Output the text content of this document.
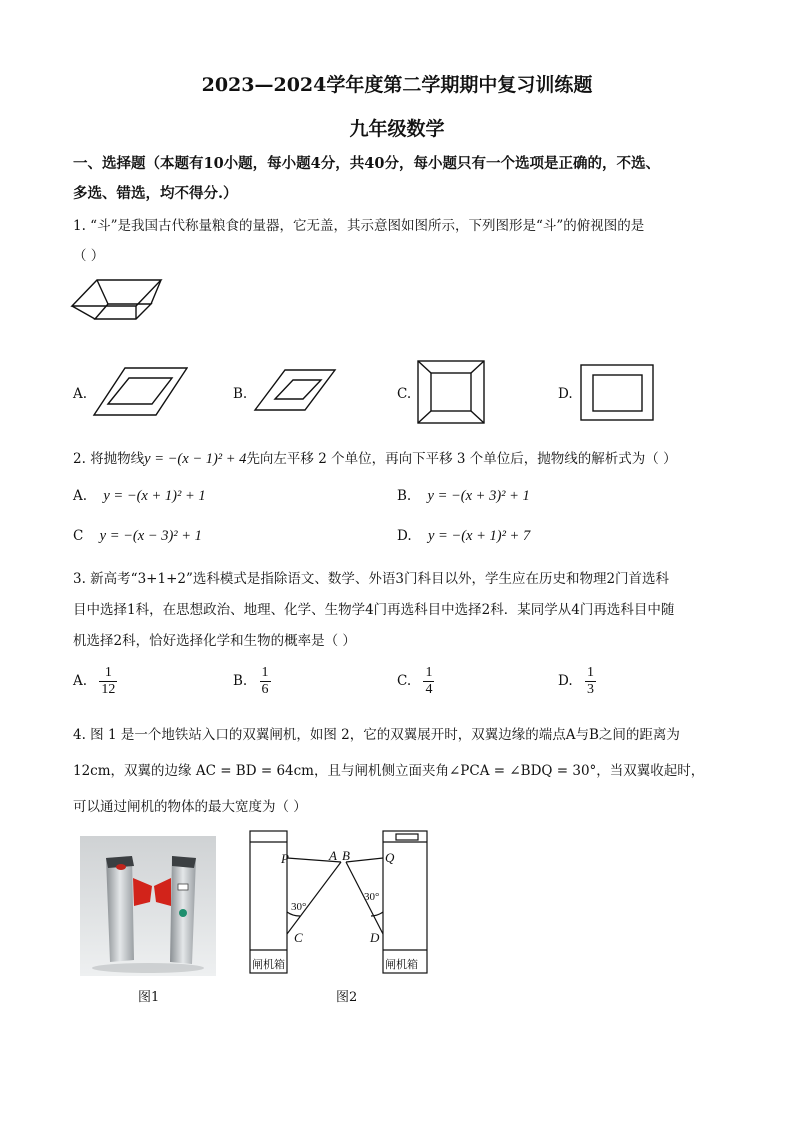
2023—2024学年度第二学期期中复习训练题
九年级数学
一、选择题（本题有10小题，每小题4分，共40分，每小题只有一个选项是正确的，不选、
多选、错选，均不得分.）
1. “斗”是我国古代称量粮食的量器，它无盖，其示意图如图所示，下列图形是“斗”的俯视图的是
（ ）
A.	B.	C.	D.
2. 将抛物线y = −(x − 1)² + 4先向左平移 2 个单位，再向下平移 3 个单位后，抛物线的解析式为（ ）
A. y = −(x + 1)² + 1	B. y = −(x + 3)² + 1
C y = −(x − 3)² + 1	D. y = −(x + 1)² + 7
3. 新高考“3+1+2”选科模式是指除语文、数学、外语3门科目以外，学生应在历史和物理2门首选科
目中选择1科，在思想政治、地理、化学、生物学4门再选科目中选择2科．某同学从4门再选科目中随
机选择2科，恰好选择化学和生物的概率是（ ）
A. $\frac{1}{12}$	B. $\frac{1}{6}$	C. $\frac{1}{4}$	D. $\frac{1}{3}$
4. 图 1 是一个地铁站入口的双翼闸机，如图 2，它的双翼展开时，双翼边缘的端点A与B之间的距离为
12cm，双翼的边缘 AC = BD = 64cm，且与闸机侧立面夹角∠PCA = ∠BDQ = 30°，当双翼收起时，
可以通过闸机的物体的最大宽度为（ ）
图1
P	A B	Q
C	D
30°
30°
闸机箱	闸机箱
图2
